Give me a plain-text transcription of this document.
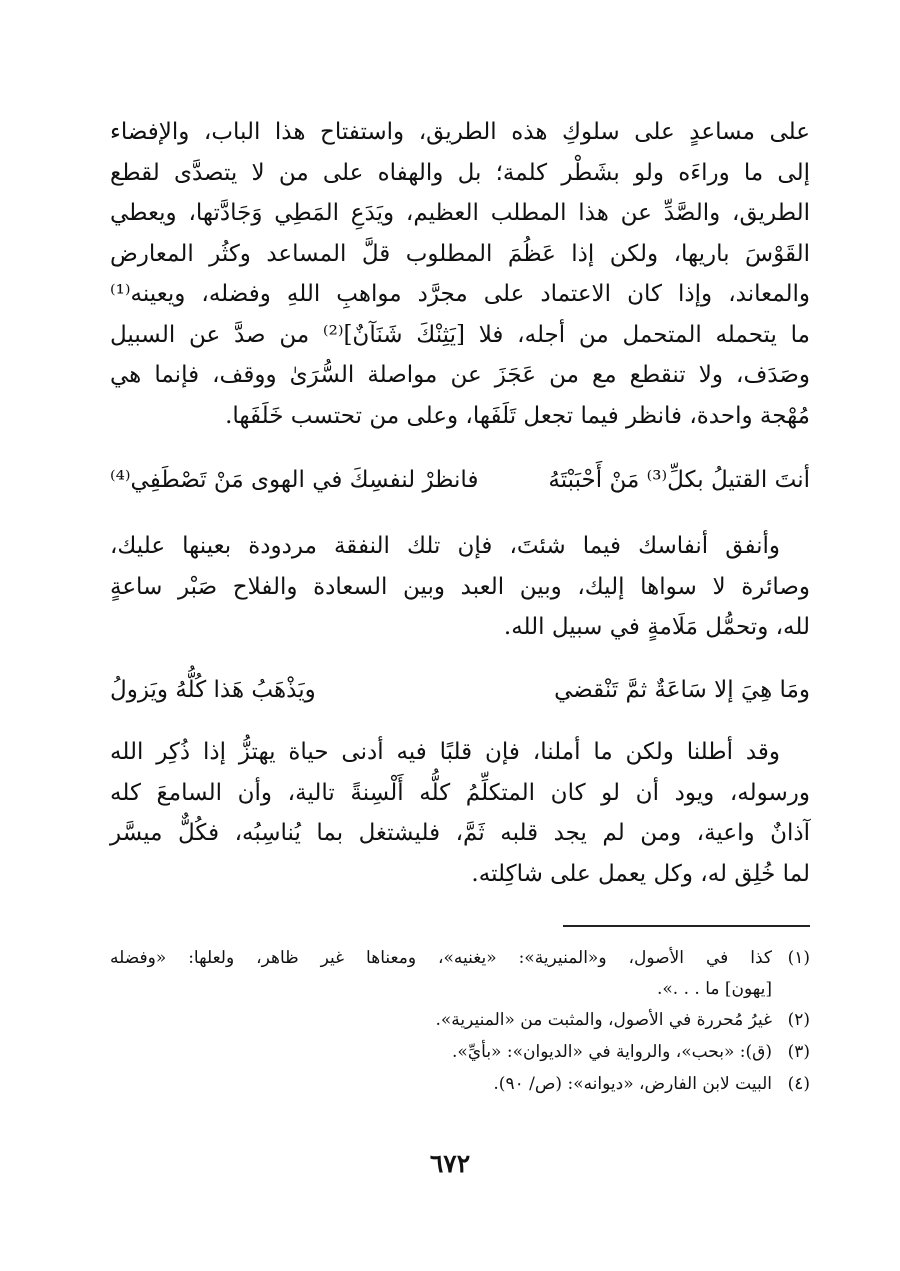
على مساعدٍ على سلوكِ هذه الطريق، واستفتاح هذا الباب، والإفضاء
إلى ما وراءَه ولو بشَطْر كلمة؛ بل والهفاه على من لا يتصدَّى لقطع
الطريق، والصَّدِّ عن هذا المطلب العظيم، ويَدَعِ المَطِي وَجَادَّتها، ويعطي
القَوْسَ باريها، ولكن إذا عَظُمَ المطلوب قلَّ المساعد وكثُر المعارض
والمعاند، وإذا كان الاعتماد على مجرَّد مواهبِ اللهِ وفضله، ويعينه⁽¹⁾
ما يتحمله المتحمل من أجله، فلا [يَثِنْكَ شَنَآنٌ]⁽²⁾ من صدَّ عن السبيل
وصَدَف، ولا تنقطع مع من عَجَزَ عن مواصلة السُّرَىٰ ووقف، فإنما هي
مُهْجة واحدة، فانظر فيما تجعل تَلَفَها، وعلى من تحتسب خَلَفَها.
أنتَ القتيلُ بكلِّ⁽³⁾ مَنْ أَحْبَبْتَهُ
فانظرْ لنفسِكَ في الهوى مَنْ تَصْطَفِي⁽⁴⁾
وأنفق أنفاسك فيما شئتَ، فإن تلك النفقة مردودة بعينها عليك،
وصائرة لا سواها إليك، وبين العبد وبين السعادة والفلاح صَبْر ساعةٍ
لله، وتحمُّل مَلَامةٍ في سبيل الله.
ومَا هِيَ إلا سَاعَةٌ ثمَّ تَنْقضي
ويَذْهَبُ هَذا كُلُّهُ ويَزولُ
وقد أطلنا ولكن ما أملنا، فإن قلبًا فيه أدنى حياة يهتزُّ إذا ذُكِر الله
ورسوله، ويود أن لو كان المتكلِّمُ كلُّه أَلْسِنةً تالية، وأن السامعَ كله
آذانٌ واعية، ومن لم يجد قلبه ثَمَّ، فليشتغل بما يُناسِبُه، فكُلٌّ ميسَّر
لما خُلِق له، وكل يعمل على شاكِلته.
(١)
كذا في الأصول، و«المنيرية»: «يغنيه»، ومعناها غير ظاهر، ولعلها: «وفضله
[يهون] ما . . .».
(٢)
غيرُ مُحررة في الأصول، والمثبت من «المنيرية».
(٣)
(ق): «بحب»، والرواية في «الديوان»: «بأيِّ».
(٤)
البيت لابن الفارض، «ديوانه»: (ص/ ٩٠).
٦٧٢
